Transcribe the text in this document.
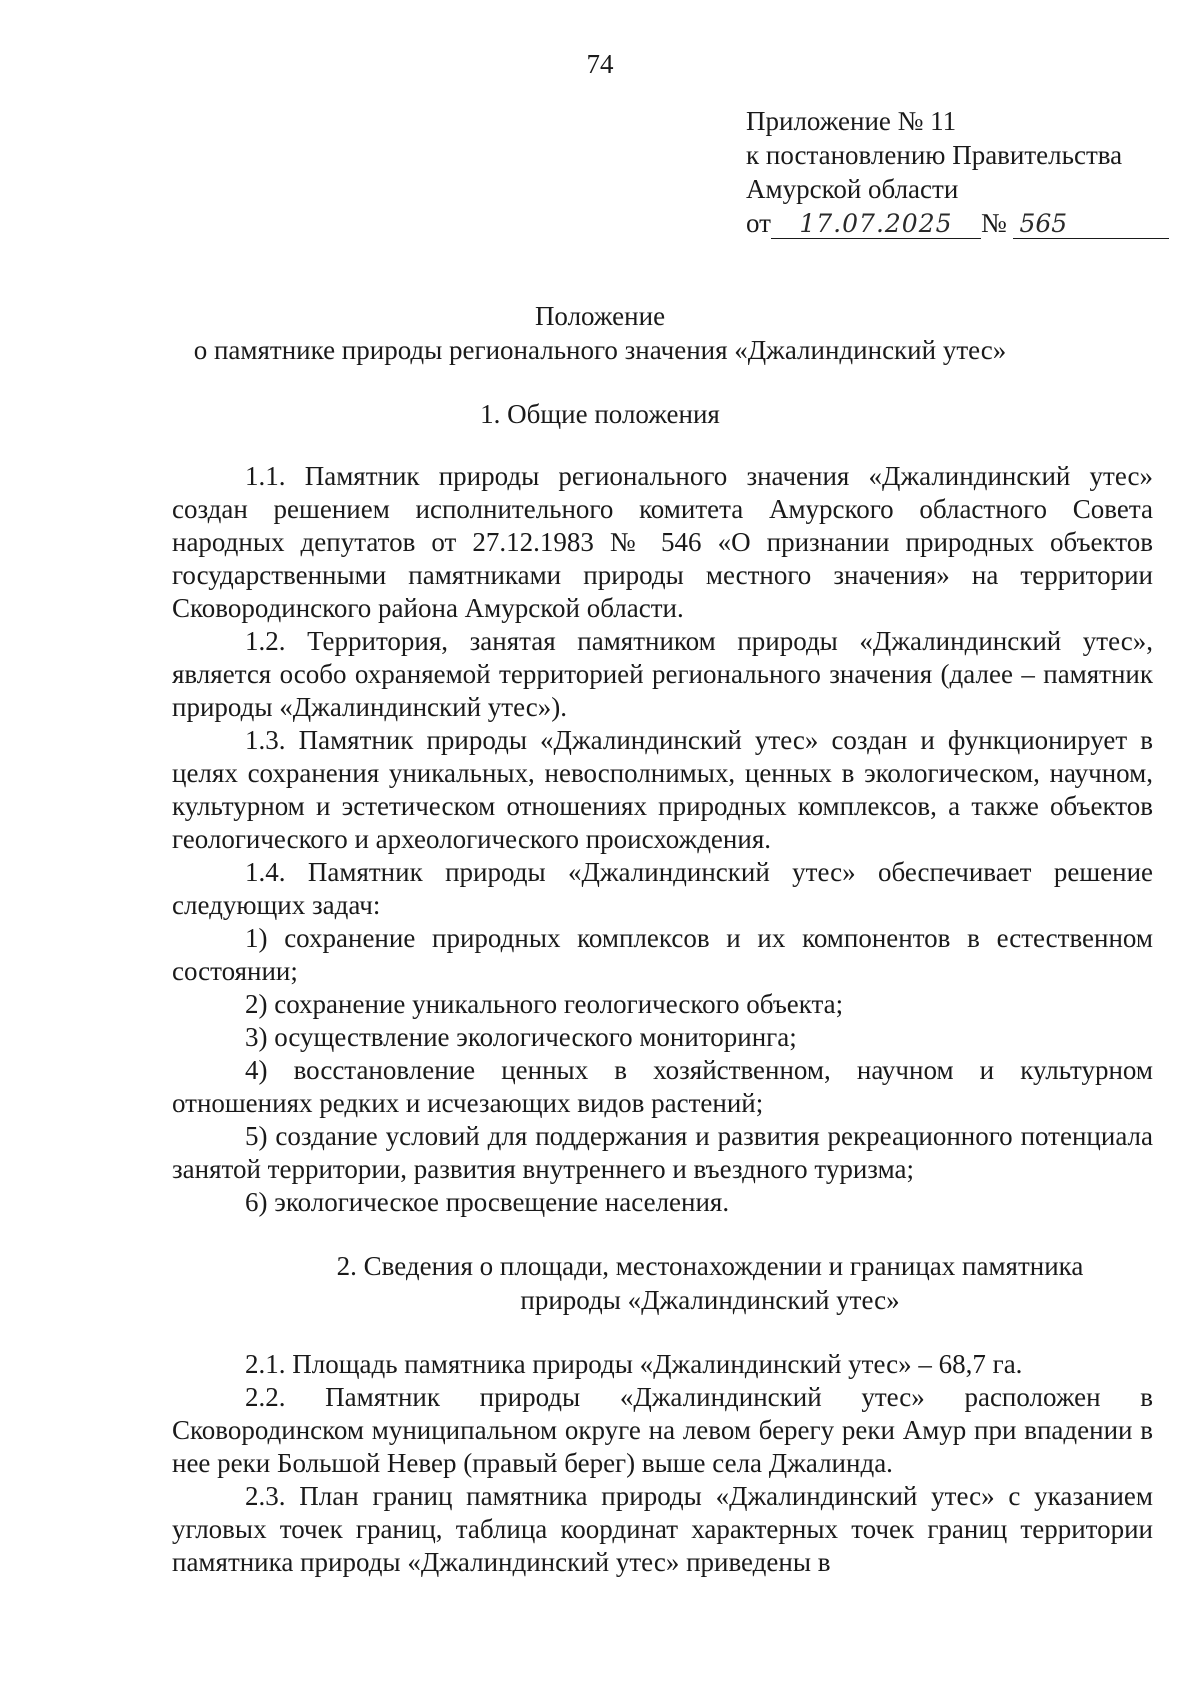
74
Приложение № 11
к постановлению Правительства
Амурской области
от 17.07.2025 № 565
Положение
о памятнике природы регионального значения «Джалиндинский утес»
1. Общие положения

1.1. Памятник природы регионального значения «Джалиндинский утес» создан решением исполнительного комитета Амурского областного Совета народных депутатов от 27.12.1983 № 546 «О признании природных объектов государственными памятниками природы местного значения» на территории Сковородинского района Амурской области.

1.2. Территория, занятая памятником природы «Джалиндинский утес», является особо охраняемой территорией регионального значения (далее – памятник природы «Джалиндинский утес»).

1.3. Памятник природы «Джалиндинский утес» создан и функционирует в целях сохранения уникальных, невосполнимых, ценных в экологическом, научном, культурном и эстетическом отношениях природных комплексов, а также объектов геологического и археологического происхождения.

1.4. Памятник природы «Джалиндинский утес» обеспечивает решение следующих задач:

1) сохранение природных комплексов и их компонентов в естественном состоянии;

2) сохранение уникального геологического объекта;

3) осуществление экологического мониторинга;

4) восстановление ценных в хозяйственном, научном и культурном отношениях редких и исчезающих видов растений;

5) создание условий для поддержания и развития рекреационного потенциала занятой территории, развития внутреннего и въездного туризма;

6) экологическое просвещение населения.

2. Сведения о площади, местонахождении и границах памятника
природы «Джалиндинский утес»

2.1. Площадь памятника природы «Джалиндинский утес» – 68,7 га.

2.2. Памятник природы «Джалиндинский утес» расположен в Сковородинском муниципальном округе на левом берегу реки Амур при впадении в нее реки Большой Невер (правый берег) выше села Джалинда.

2.3. План границ памятника природы «Джалиндинский утес» с указанием угловых точек границ, таблица координат характерных точек границ территории памятника природы «Джалиндинский утес» приведены в
